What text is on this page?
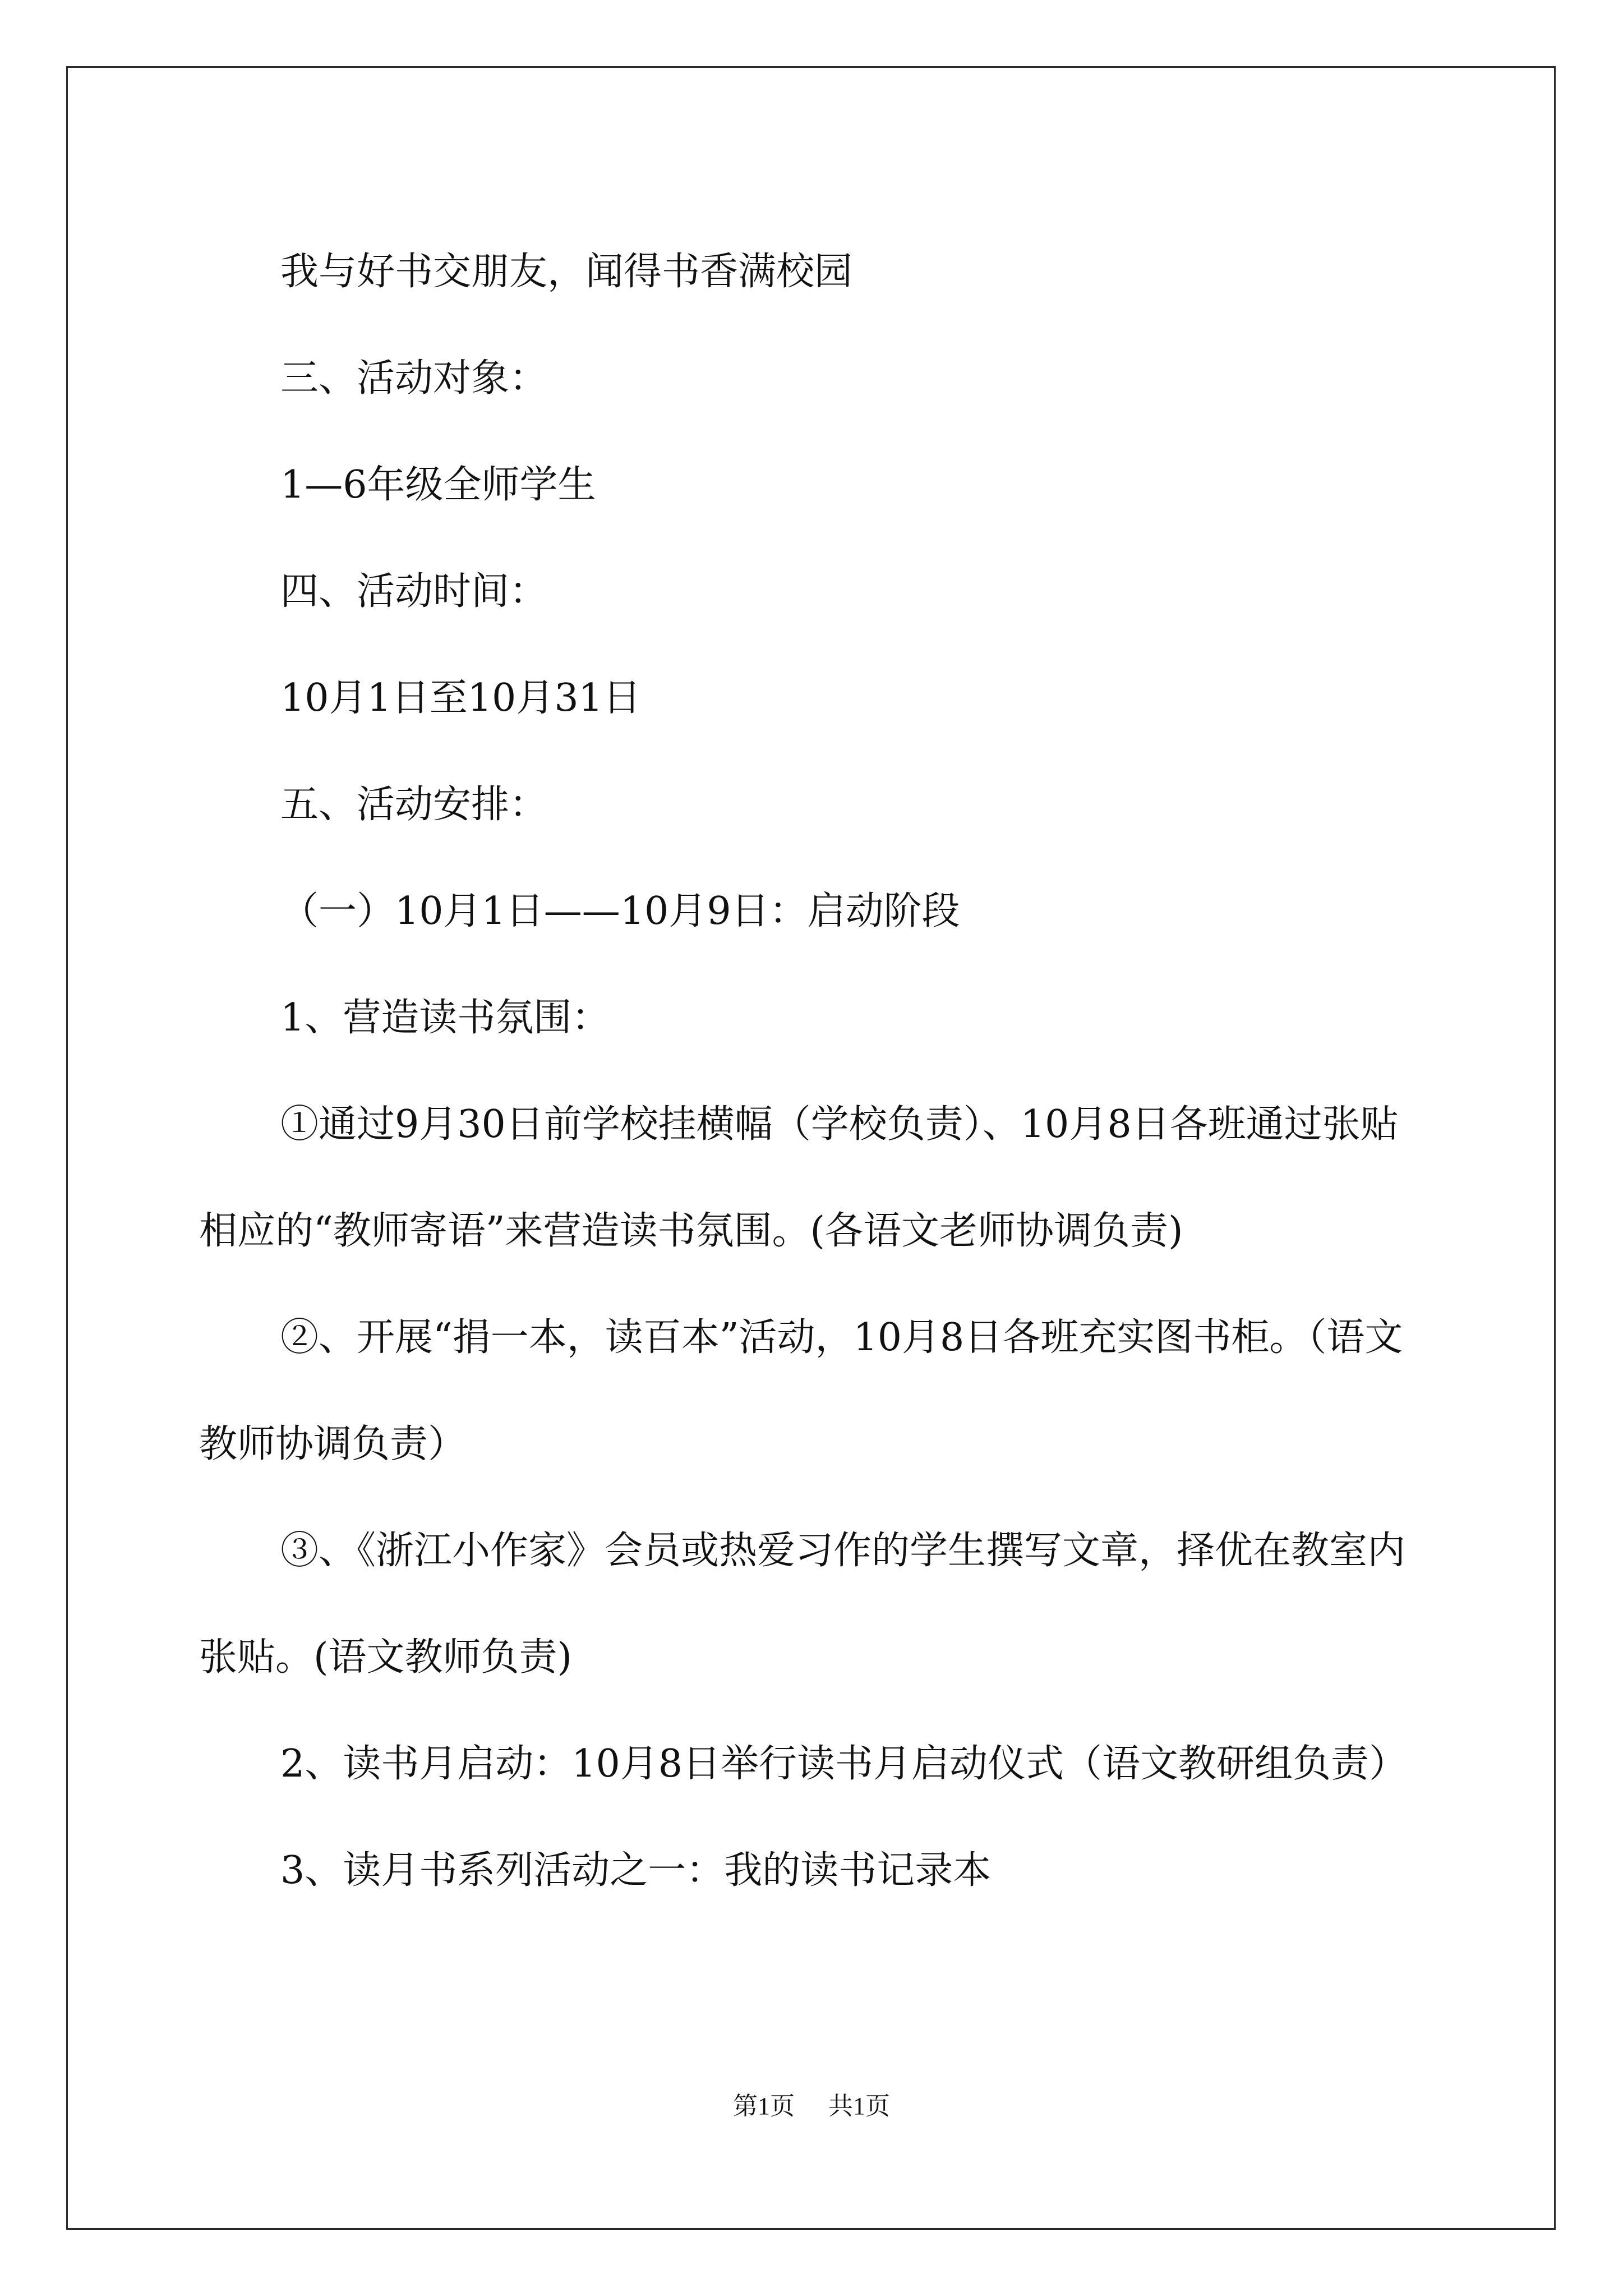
我与好书交朋友，闻得书香满校园

三、活动对象：

1—6年级全师学生

四、活动时间：

10月1日至10月31日

五、活动安排：

（一）10月1日——10月9日：启动阶段

1、营造读书氛围：

①通过9月30日前学校挂横幅（学校负责）、10月8日各班通过张贴相应的“教师寄语”来营造读书氛围。(各语文老师协调负责)

②、开展“捐一本，读百本”活动，10月8日各班充实图书柜。（语文教师协调负责）

③、《浙江小作家》会员或热爱习作的学生撰写文章，择优在教室内张贴。(语文教师负责)

2、读书月启动：10月8日举行读书月启动仪式（语文教研组负责）

3、读月书系列活动之一：我的读书记录本

第1页 共1页
